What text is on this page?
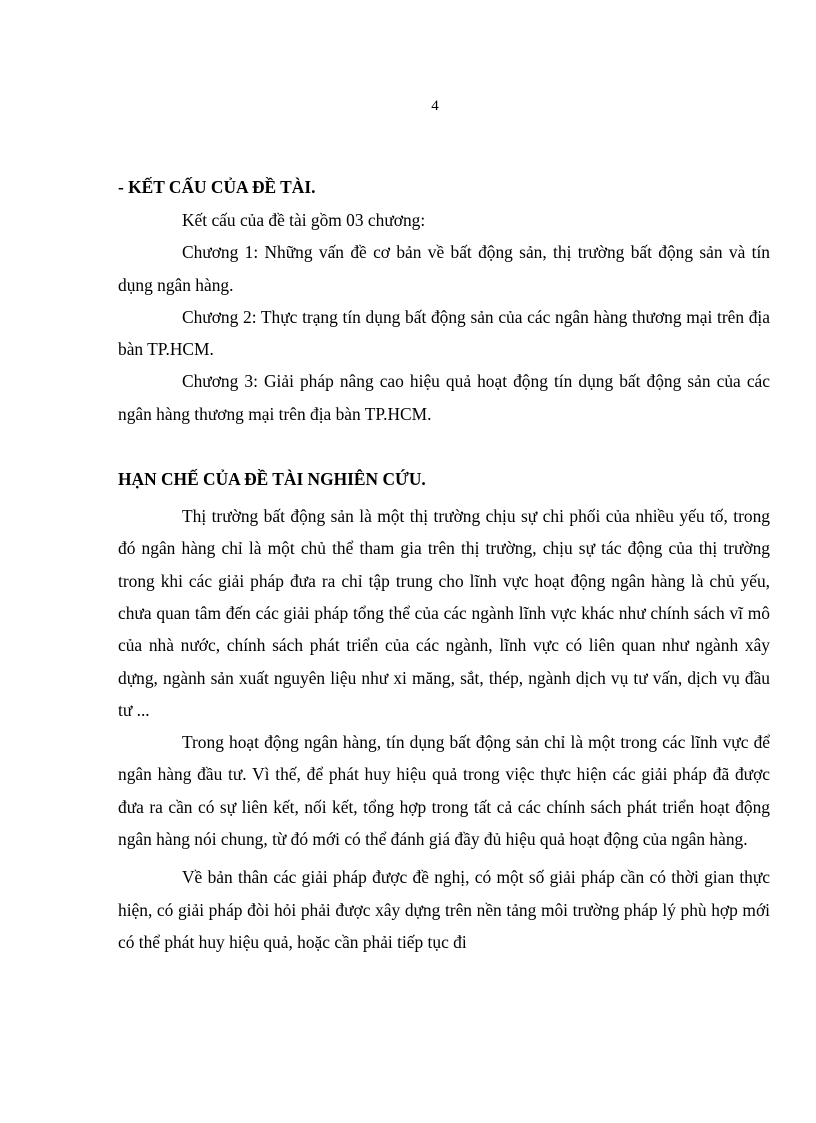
4

- KẾT CẤU CỦA ĐỀ TÀI.

Kết cấu của đề tài gồm 03 chương:

Chương 1: Những vấn đề cơ bản về bất động sản, thị trường bất động sản và tín dụng ngân hàng.

Chương 2: Thực trạng tín dụng bất động sản của các ngân hàng thương mại trên địa bàn TP.HCM.

Chương 3: Giải pháp nâng cao hiệu quả hoạt động tín dụng bất động sản của các ngân hàng thương mại trên địa bàn TP.HCM.

HẠN CHẾ CỦA ĐỀ TÀI NGHIÊN CỨU.

Thị trường bất động sản là một thị trường chịu sự chi phối của nhiều yếu tố, trong đó ngân hàng chỉ là một chủ thể tham gia trên thị trường, chịu sự tác động của thị trường trong khi các giải pháp đưa ra chỉ tập trung cho lĩnh vực hoạt động ngân hàng là chủ yếu, chưa quan tâm đến các giải pháp tổng thể của các ngành lĩnh vực khác như chính sách vĩ mô của nhà nước, chính sách phát triển của các ngành, lĩnh vực có liên quan như ngành xây dựng, ngành sản xuất nguyên liệu như xi măng, sắt, thép, ngành dịch vụ tư vấn, dịch vụ đầu tư ...

Trong hoạt động ngân hàng, tín dụng bất động sản chỉ là một trong các lĩnh vực để ngân hàng đầu tư. Vì thế, để phát huy hiệu quả trong việc thực hiện các giải pháp đã được đưa ra cần có sự liên kết, nối kết, tổng hợp trong tất cả các chính sách phát triển hoạt động ngân hàng nói chung, từ đó mới có thể đánh giá đầy đủ hiệu quả hoạt động của ngân hàng.

Về bản thân các giải pháp được đề nghị, có một số giải pháp cần có thời gian thực hiện, có giải pháp đòi hỏi phải được xây dựng trên nền tảng môi trường pháp lý phù hợp mới có thể phát huy hiệu quả, hoặc cần phải tiếp tục đi
